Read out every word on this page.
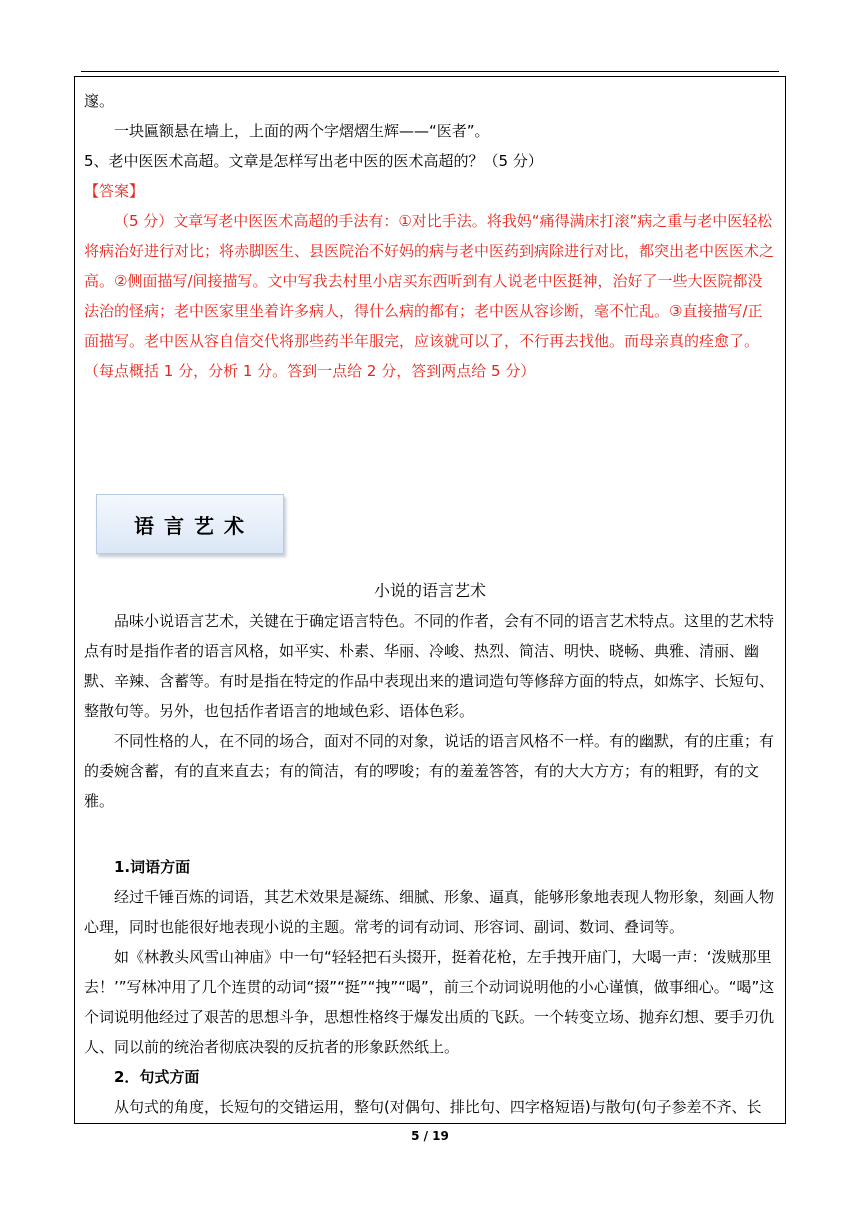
邃。

一块匾额悬在墙上，上面的两个字熠熠生辉——“医者”。

5、老中医医术高超。文章是怎样写出老中医的医术高超的？（5 分）

【答案】

（5 分）文章写老中医医术高超的手法有：①对比手法。将我妈“痛得满床打滚”病之重与老中医轻松将病治好进行对比；将赤脚医生、县医院治不好妈的病与老中医药到病除进行对比，都突出老中医医术之高。②侧面描写/间接描写。文中写我去村里小店买东西听到有人说老中医挺神，治好了一些大医院都没法治的怪病；老中医家里坐着许多病人，得什么病的都有；老中医从容诊断，毫不忙乱。③直接描写/正面描写。老中医从容自信交代将那些药半年服完，应该就可以了，不行再去找他。而母亲真的痊愈了。（每点概括 1 分，分析 1 分。答到一点给 2 分，答到两点给 5 分）

语言艺术
小说的语言艺术

品味小说语言艺术，关键在于确定语言特色。不同的作者，会有不同的语言艺术特点。这里的艺术特点有时是指作者的语言风格，如平实、朴素、华丽、冷峻、热烈、简洁、明快、晓畅、典雅、清丽、幽默、辛辣、含蓄等。有时是指在特定的作品中表现出来的遣词造句等修辞方面的特点，如炼字、长短句、整散句等。另外，也包括作者语言的地域色彩、语体色彩。

不同性格的人，在不同的场合，面对不同的对象，说话的语言风格不一样。有的幽默，有的庄重；有的委婉含蓄，有的直来直去；有的简洁，有的啰唆；有的羞羞答答，有的大大方方；有的粗野，有的文雅。

1.词语方面

经过千锤百炼的词语，其艺术效果是凝练、细腻、形象、逼真，能够形象地表现人物形象，刻画人物心理，同时也能很好地表现小说的主题。常考的词有动词、形容词、副词、数词、叠词等。

如《林教头风雪山神庙》中一句“轻轻把石头掇开，挺着花枪，左手拽开庙门，大喝一声：‘泼贼那里去！’”写林冲用了几个连贯的动词“掇”“挺”“拽”“喝”，前三个动词说明他的小心谨慎，做事细心。“喝”这个词说明他经过了艰苦的思想斗争，思想性格终于爆发出质的飞跃。一个转变立场、抛弃幻想、要手刃仇人、同以前的统治者彻底决裂的反抗者的形象跃然纸上。

2．句式方面

从句式的角度，长短句的交错运用，整句(对偶句、排比句、四字格短语)与散句(句子参差不齐、长

5 / 19
